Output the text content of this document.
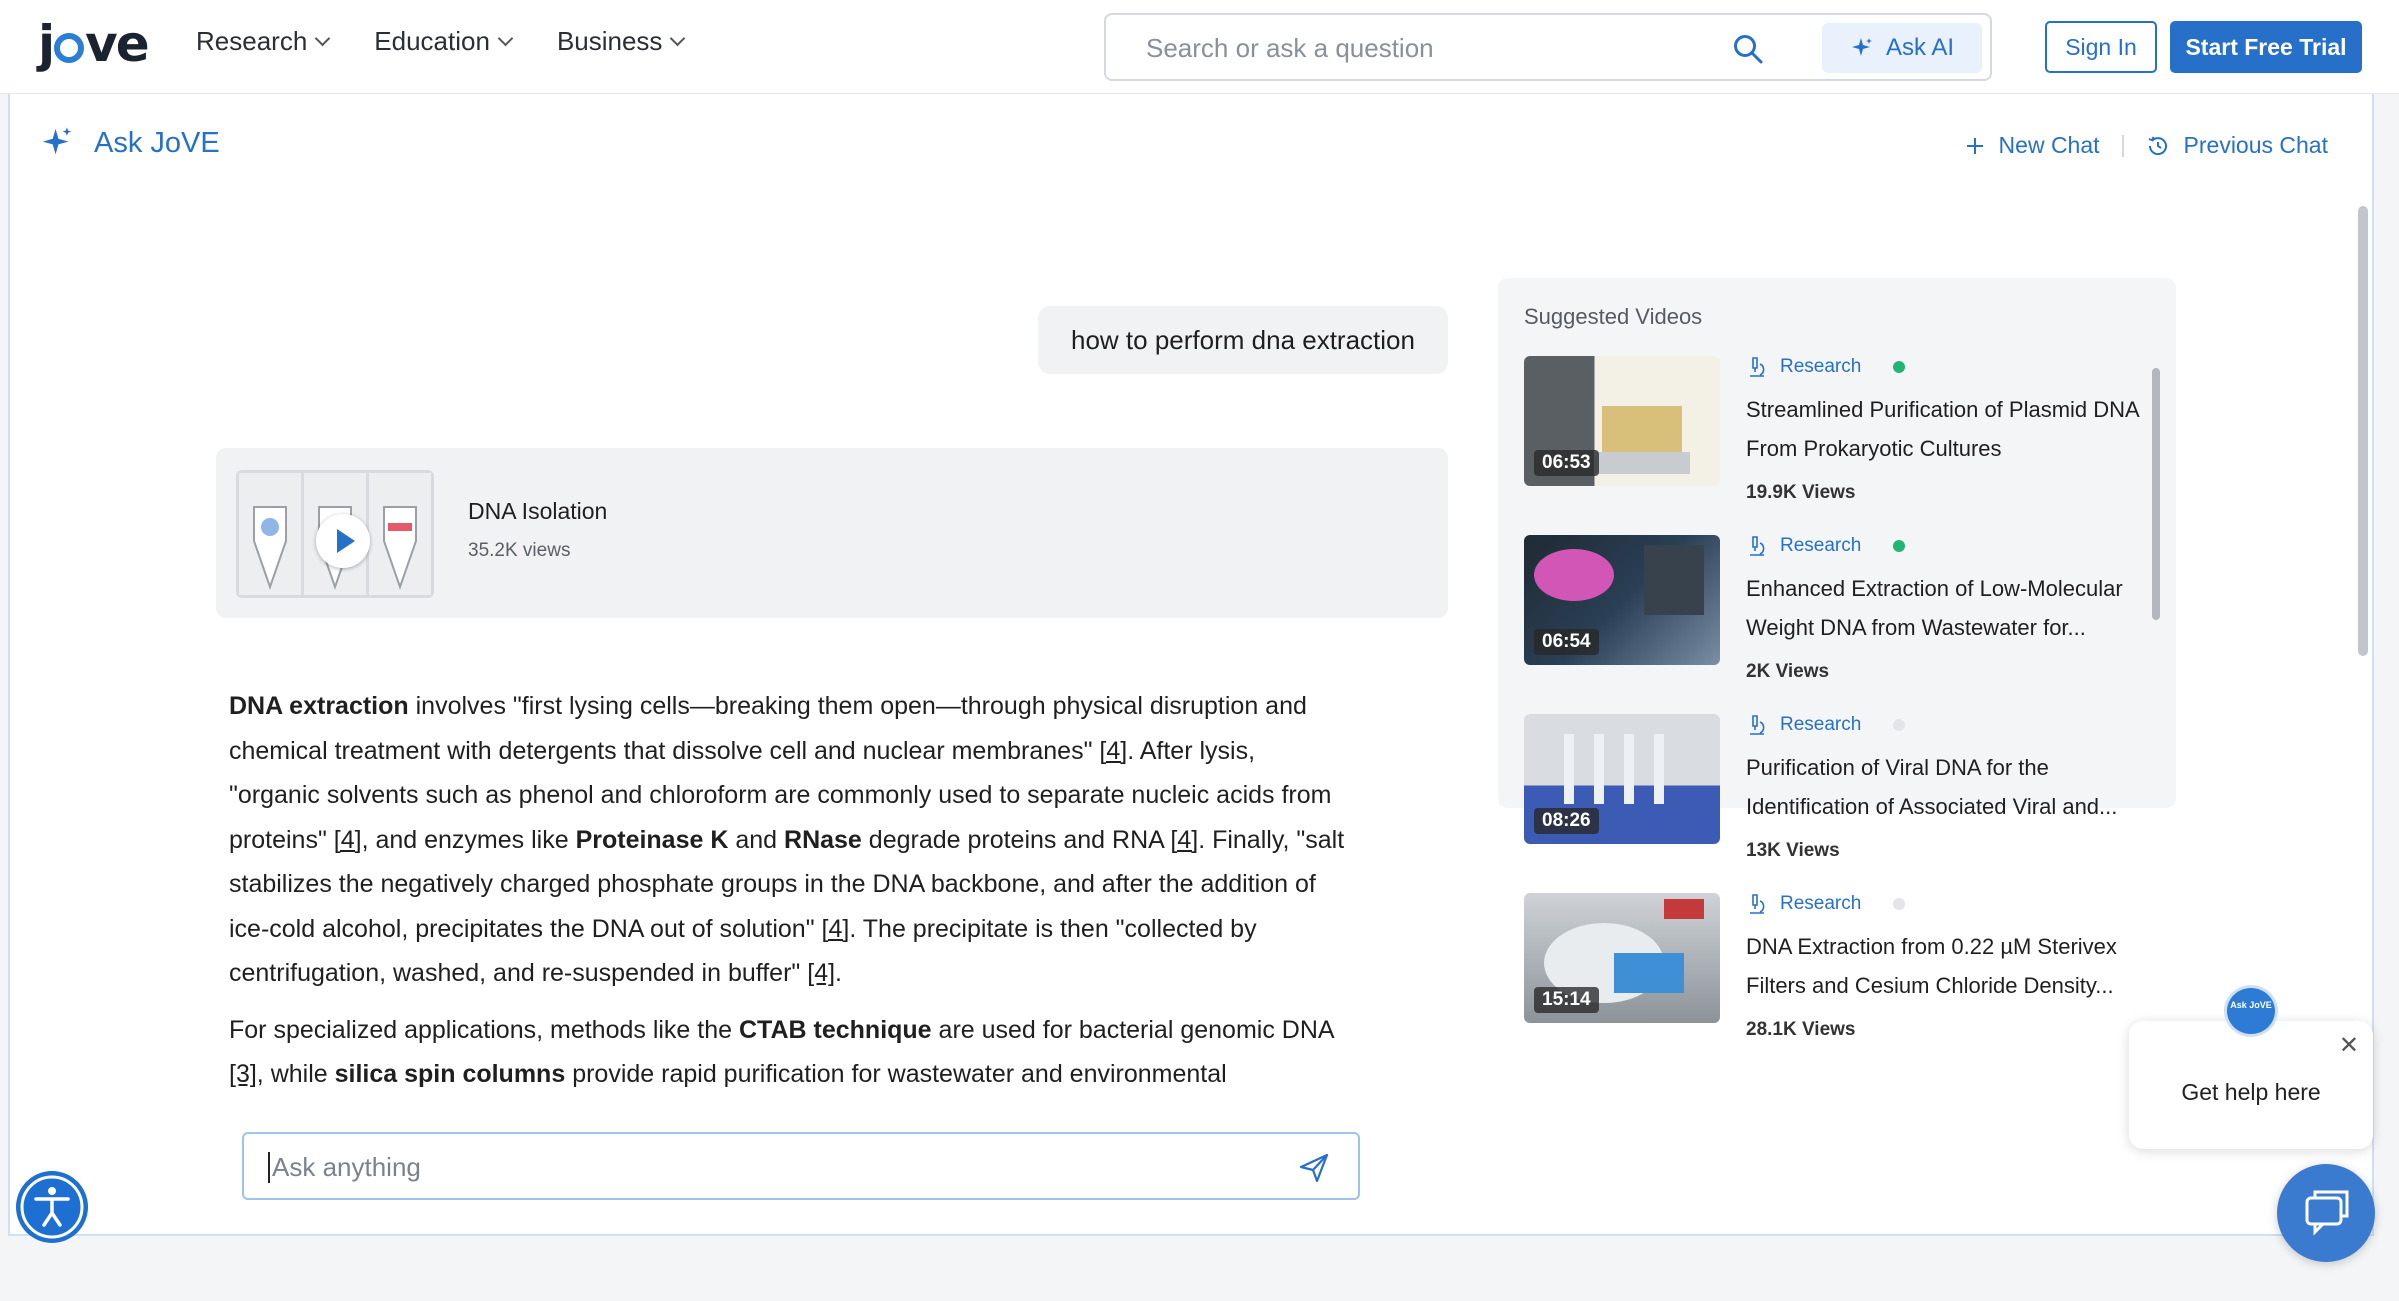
j ve Research	Education	Business	Search or ask a question	Ask AI	Sign In	Start Free Trial
Ask JoVE	New Chat	Previous Chat
how to perform dna extraction
DNA Isolation
35.2K views

DNA extraction involves "first lysing cells—breaking them open—through physical disruption and chemical treatment with detergents that dissolve cell and nuclear membranes" [4]. After lysis, "organic solvents such as phenol and chloroform are commonly used to separate nucleic acids from proteins" [4], and enzymes like Proteinase K and RNase degrade proteins and RNA [4]. Finally, "salt stabilizes the negatively charged phosphate groups in the DNA backbone, and after the addition of ice-cold alcohol, precipitates the DNA out of solution" [4]. The precipitate is then "collected by centrifugation, washed, and re-suspended in buffer" [4].

For specialized applications, methods like the CTAB technique are used for bacterial genomic DNA [3], while silica spin columns provide rapid purification for wastewater and environmental

Ask anything
Suggested Videos
06:53
Research
Streamlined Purification of Plasmid DNA From Prokaryotic Cultures
19.9K Views
06:54
Research
Enhanced Extraction of Low-Molecular Weight DNA from Wastewater for...
2K Views
08:26
Research
Purification of Viral DNA for the Identification of Associated Viral and...
13K Views
15:14
Research
DNA Extraction from 0.22 µM Sterivex Filters and Cesium Chloride Density...
28.1K Views
✕
Get help here
Ask JoVE
